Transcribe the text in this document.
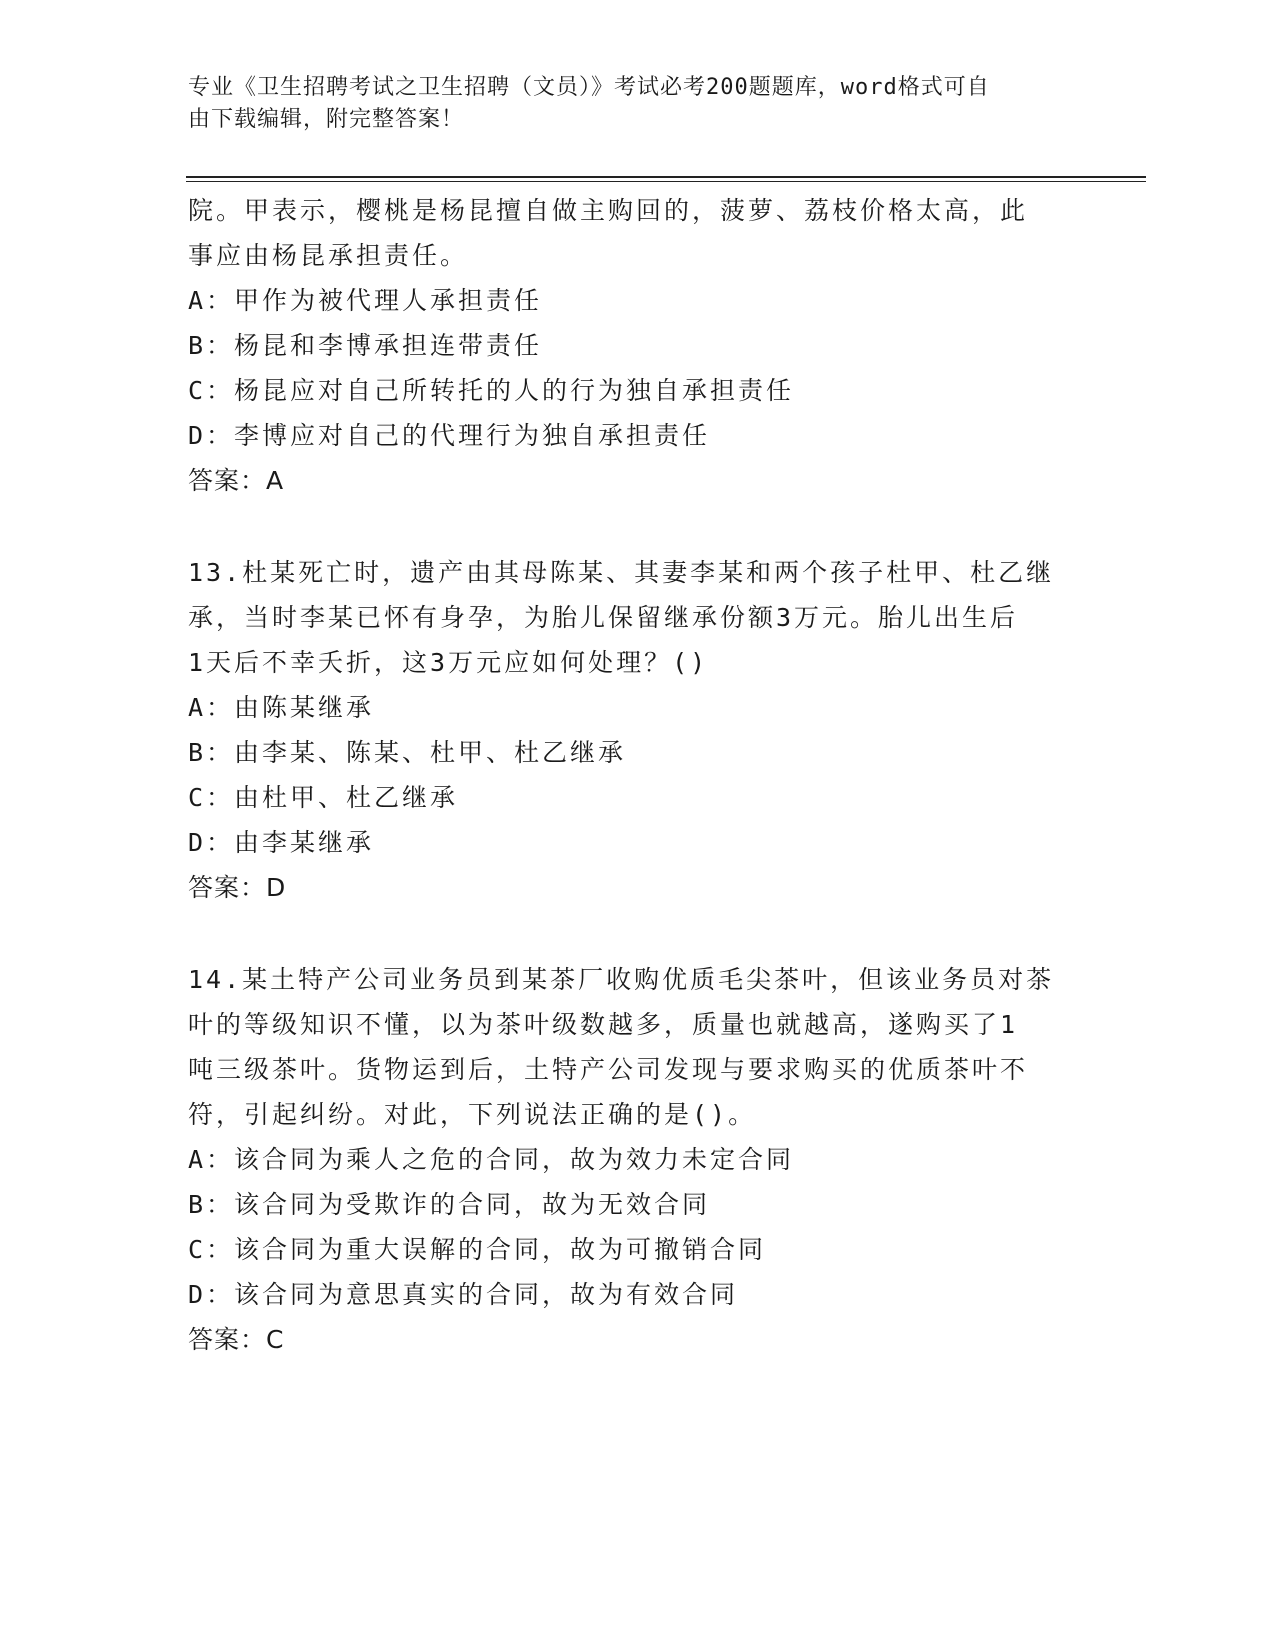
专业《卫生招聘考试之卫生招聘（文员）》考试必考200题题库，word格式可自
由下载编辑，附完整答案！
院。甲表示，樱桃是杨昆擅自做主购回的，菠萝、荔枝价格太高，此
事应由杨昆承担责任。
A：甲作为被代理人承担责任
B：杨昆和李博承担连带责任
C：杨昆应对自己所转托的人的行为独自承担责任
D：李博应对自己的代理行为独自承担责任
答案：A
13.杜某死亡时，遗产由其母陈某、其妻李某和两个孩子杜甲、杜乙继
承，当时李某已怀有身孕，为胎儿保留继承份额3万元。胎儿出生后
1天后不幸夭折，这3万元应如何处理？()
A：由陈某继承
B：由李某、陈某、杜甲、杜乙继承
C：由杜甲、杜乙继承
D：由李某继承
答案：D
14.某土特产公司业务员到某茶厂收购优质毛尖茶叶，但该业务员对茶
叶的等级知识不懂，以为茶叶级数越多，质量也就越高，遂购买了1
吨三级茶叶。货物运到后，土特产公司发现与要求购买的优质茶叶不
符，引起纠纷。对此，下列说法正确的是()。
A：该合同为乘人之危的合同，故为效力未定合同
B：该合同为受欺诈的合同，故为无效合同
C：该合同为重大误解的合同，故为可撤销合同
D：该合同为意思真实的合同，故为有效合同
答案：C
